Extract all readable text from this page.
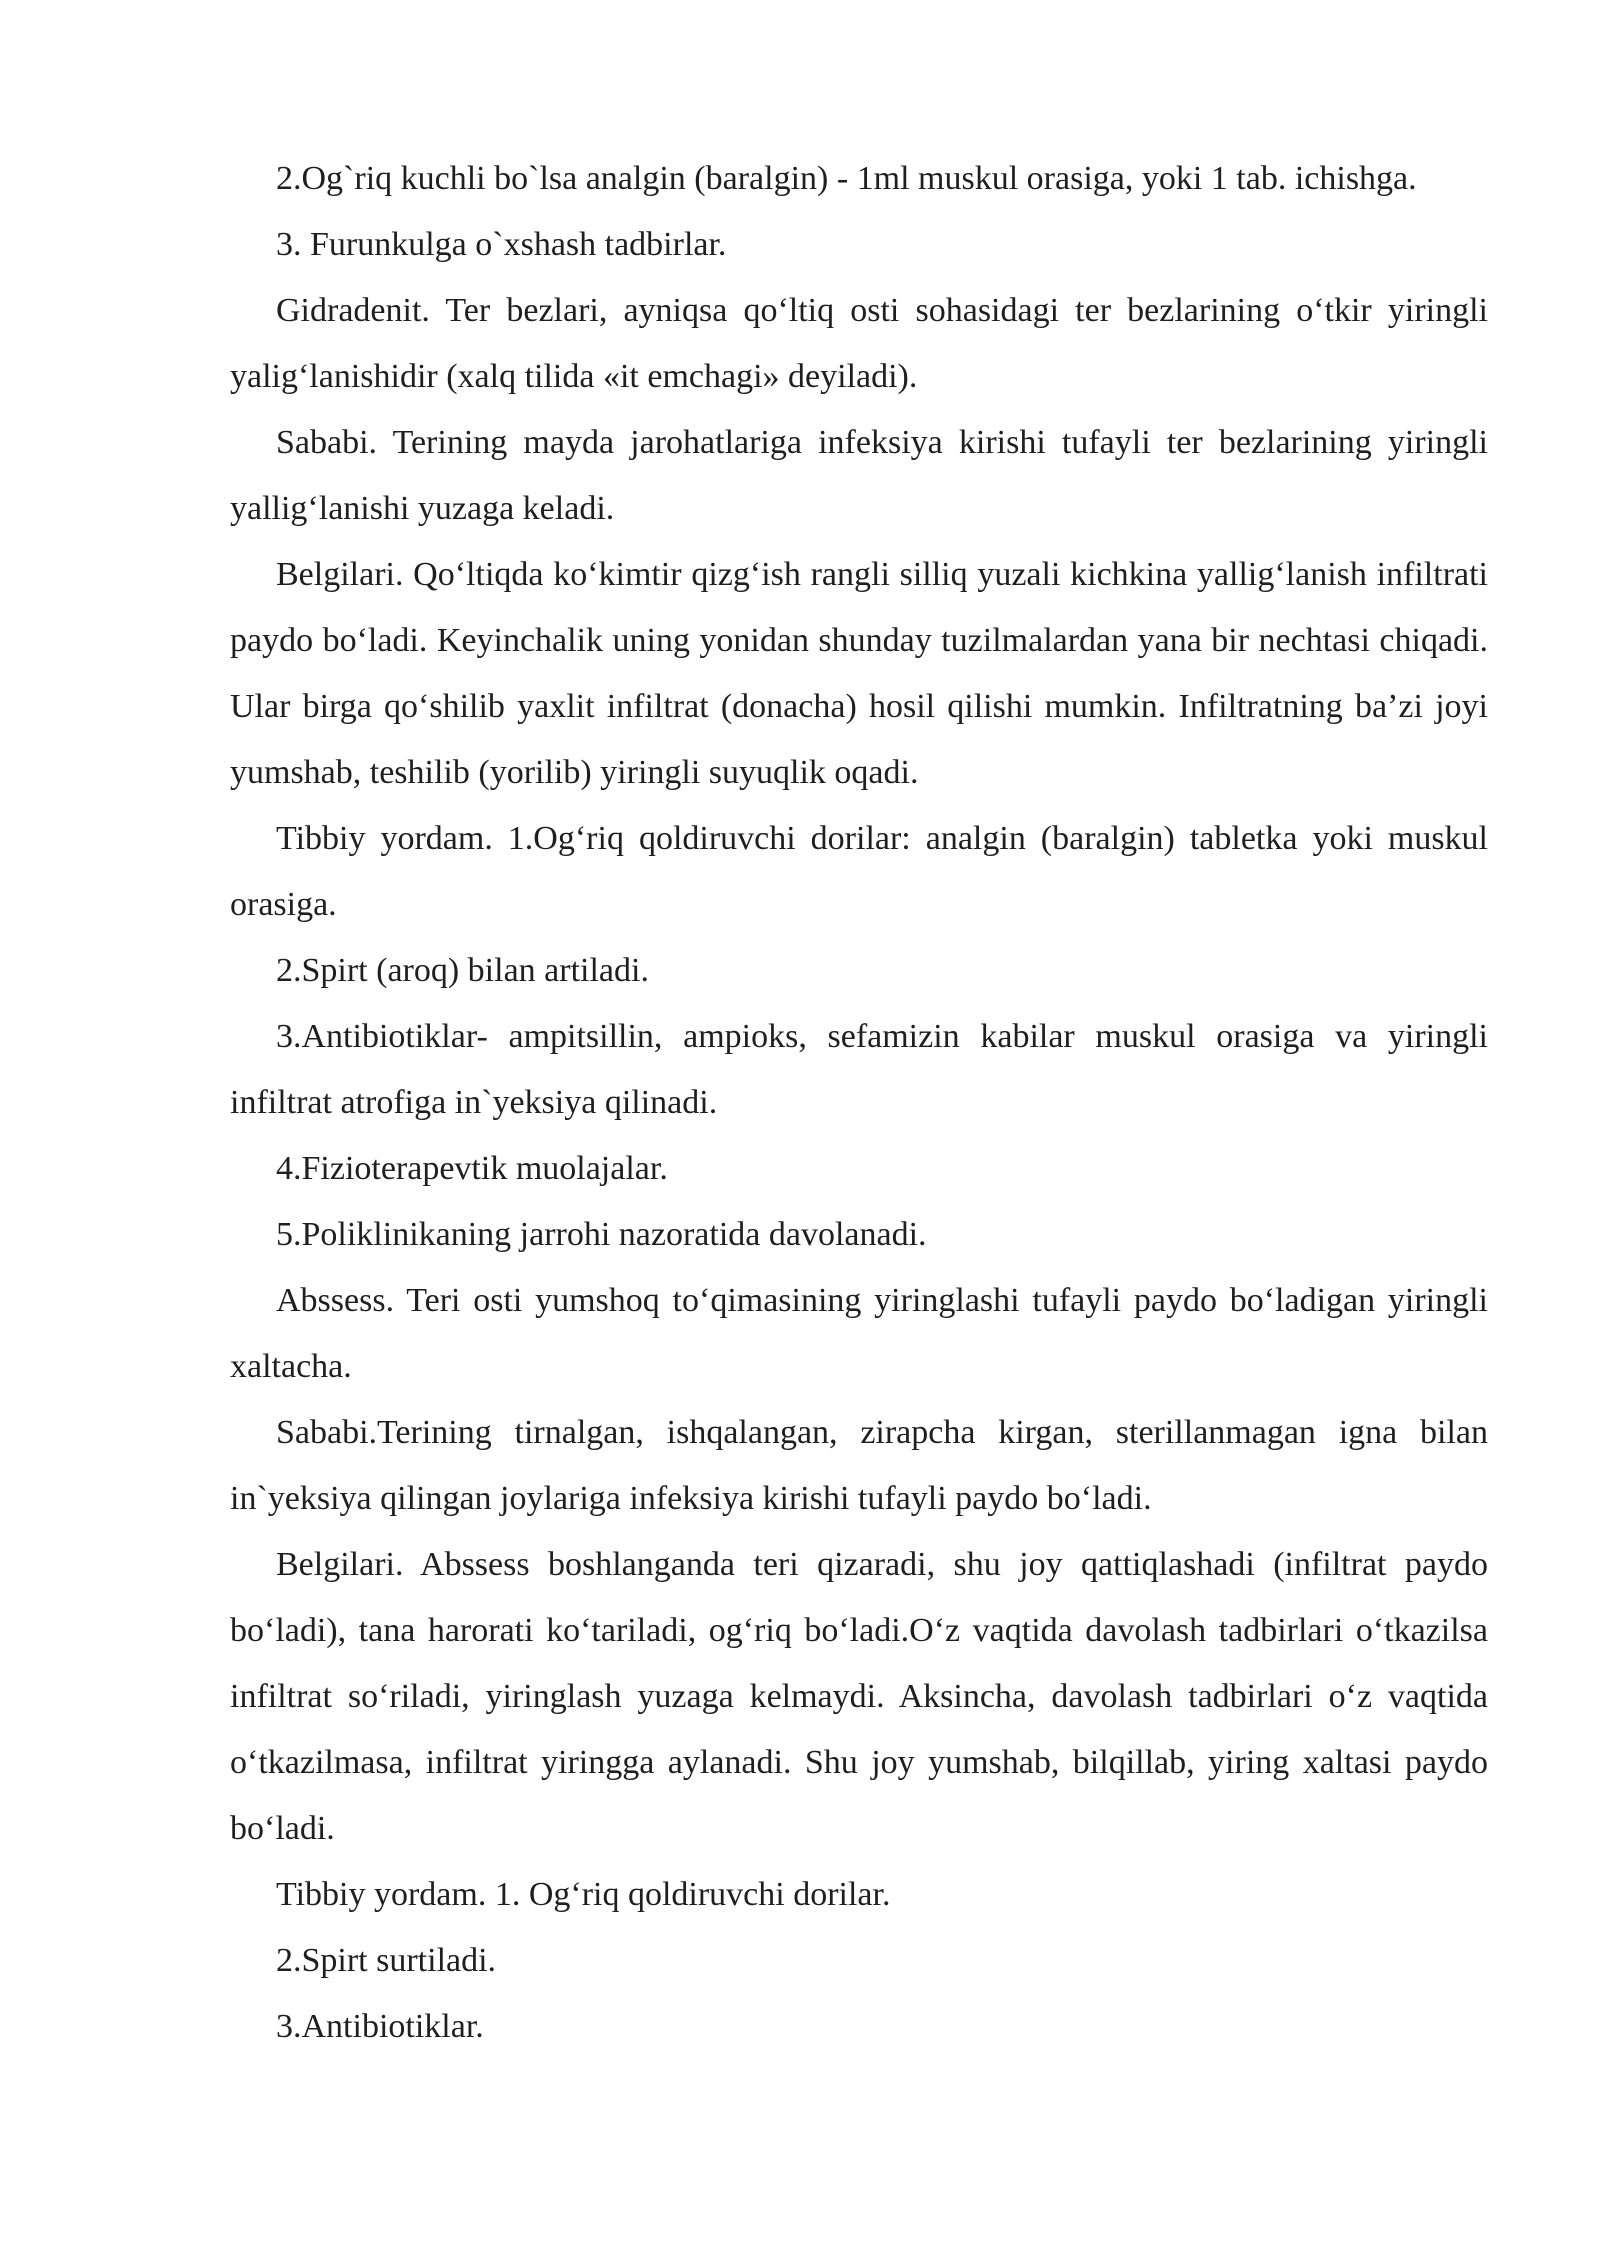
2.Og`riq kuchli bo`lsa analgin (baralgin) - 1ml muskul orasiga, yoki 1 tab. ichishga.

3. Furunkulga o`xshash tadbirlar.

Gidradenit. Ter bezlari, ayniqsa qo‘ltiq osti sohasidagi ter bezlarining o‘tkir yiringli yalig‘lanishidir (xalq tilida «it emchagi» deyiladi).

Sababi. Terining mayda jarohatlariga infeksiya kirishi tufayli ter bezlarining yiringli yallig‘lanishi yuzaga keladi.

Belgilari. Qo‘ltiqda ko‘kimtir qizg‘ish rangli silliq yuzali kichkina yallig‘lanish infiltrati paydo bo‘ladi. Keyinchalik uning yonidan shunday tuzilmalardan yana bir nechtasi chiqadi. Ular birga qo‘shilib yaxlit infiltrat (donacha) hosil qilishi mumkin. Infiltratning ba’zi joyi yumshab, teshilib (yorilib) yiringli suyuqlik oqadi.

Tibbiy yordam. 1.Og‘riq qoldiruvchi dorilar: analgin (baralgin) tabletka yoki muskul orasiga.

2.Spirt (aroq) bilan artiladi.

3.Antibiotiklar- ampitsillin, ampioks, sefamizin kabilar muskul orasiga va yiringli infiltrat atrofiga in`yeksiya qilinadi.

4.Fizioterapevtik muolajalar.

5.Poliklinikaning jarrohi nazoratida davolanadi.

Abssess. Teri osti yumshoq to‘qimasining yiringlashi tufayli paydo bo‘ladigan yiringli xaltacha.

Sababi.Terining tirnalgan, ishqalangan, zirapcha kirgan, sterillanmagan igna bilan in`yeksiya qilingan joylariga infeksiya kirishi tufayli paydo bo‘ladi.

Belgilari. Abssess boshlanganda teri qizaradi, shu joy qattiqlashadi (infiltrat paydo bo‘ladi), tana harorati ko‘tariladi, og‘riq bo‘ladi.O‘z vaqtida davolash tadbirlari o‘tkazilsa infiltrat so‘riladi, yiringlash yuzaga kelmaydi. Aksincha, davolash tadbirlari o‘z vaqtida o‘tkazilmasa, infiltrat yiringga aylanadi. Shu joy yumshab, bilqillab, yiring xaltasi paydo bo‘ladi.

Tibbiy yordam. 1. Og‘riq qoldiruvchi dorilar.

2.Spirt surtiladi.

3.Antibiotiklar.
